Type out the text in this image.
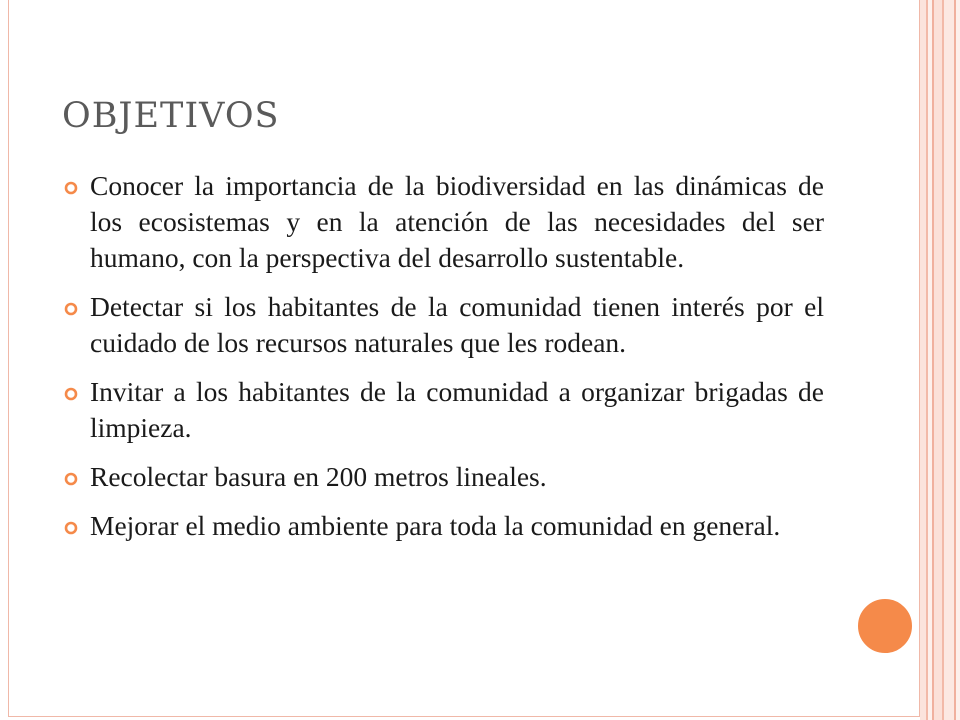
OBJETIVOS
Conocer la importancia de la biodiversidad en las dinámicas de los ecosistemas y en la atención de las necesidades del ser humano, con la perspectiva del desarrollo sustentable.
Detectar si los habitantes de la comunidad tienen interés por el cuidado de los recursos naturales que les rodean.
Invitar a los habitantes de la comunidad a organizar brigadas de limpieza.
Recolectar basura en 200 metros lineales.
Mejorar el medio ambiente para toda la comunidad en general.
